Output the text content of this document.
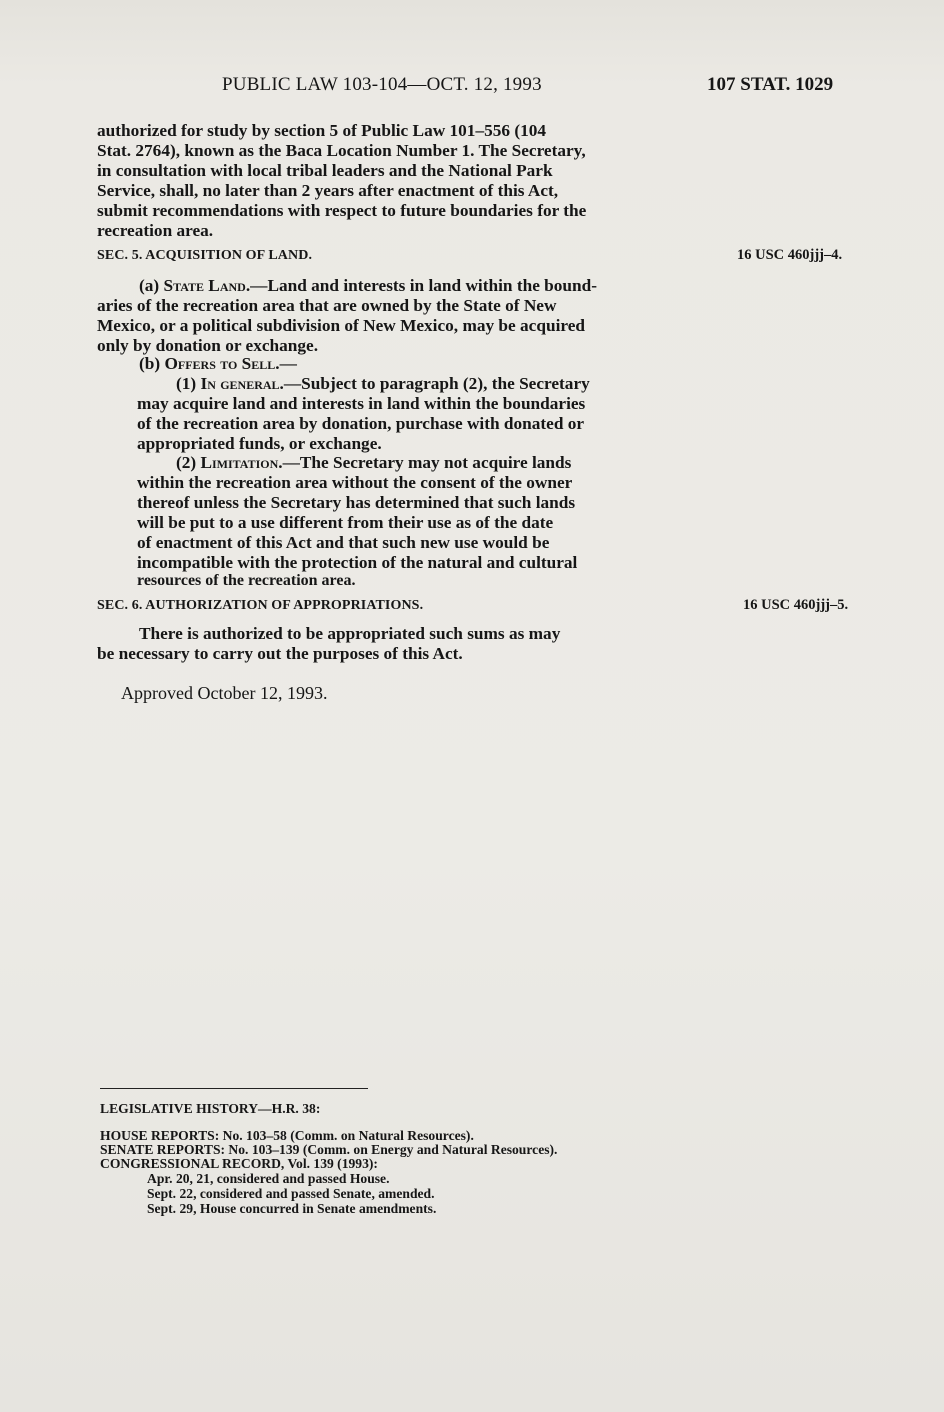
PUBLIC LAW 103-104—OCT. 12, 1993	107 STAT. 1029
authorized for study by section 5 of Public Law 101–556 (104
Stat. 2764), known as the Baca Location Number 1. The Secretary,
in consultation with local tribal leaders and the National Park
Service, shall, no later than 2 years after enactment of this Act,
submit recommendations with respect to future boundaries for the
recreation area.
SEC. 5. ACQUISITION OF LAND.	16 USC 460jjj–4.
(a) State Land.—Land and interests in land within the bound-
aries of the recreation area that are owned by the State of New
Mexico, or a political subdivision of New Mexico, may be acquired
only by donation or exchange.
(b) Offers to Sell.—
(1) In general.—Subject to paragraph (2), the Secretary
may acquire land and interests in land within the boundaries
of the recreation area by donation, purchase with donated or
appropriated funds, or exchange.
(2) Limitation.—The Secretary may not acquire lands
within the recreation area without the consent of the owner
thereof unless the Secretary has determined that such lands
will be put to a use different from their use as of the date
of enactment of this Act and that such new use would be
incompatible with the protection of the natural and cultural
resources of the recreation area.
SEC. 6. AUTHORIZATION OF APPROPRIATIONS.	16 USC 460jjj–5.
There is authorized to be appropriated such sums as may
be necessary to carry out the purposes of this Act.
Approved October 12, 1993.
LEGISLATIVE HISTORY—H.R. 38:
HOUSE REPORTS: No. 103–58 (Comm. on Natural Resources).
SENATE REPORTS: No. 103–139 (Comm. on Energy and Natural Resources).
CONGRESSIONAL RECORD, Vol. 139 (1993):
Apr. 20, 21, considered and passed House.
Sept. 22, considered and passed Senate, amended.
Sept. 29, House concurred in Senate amendments.
